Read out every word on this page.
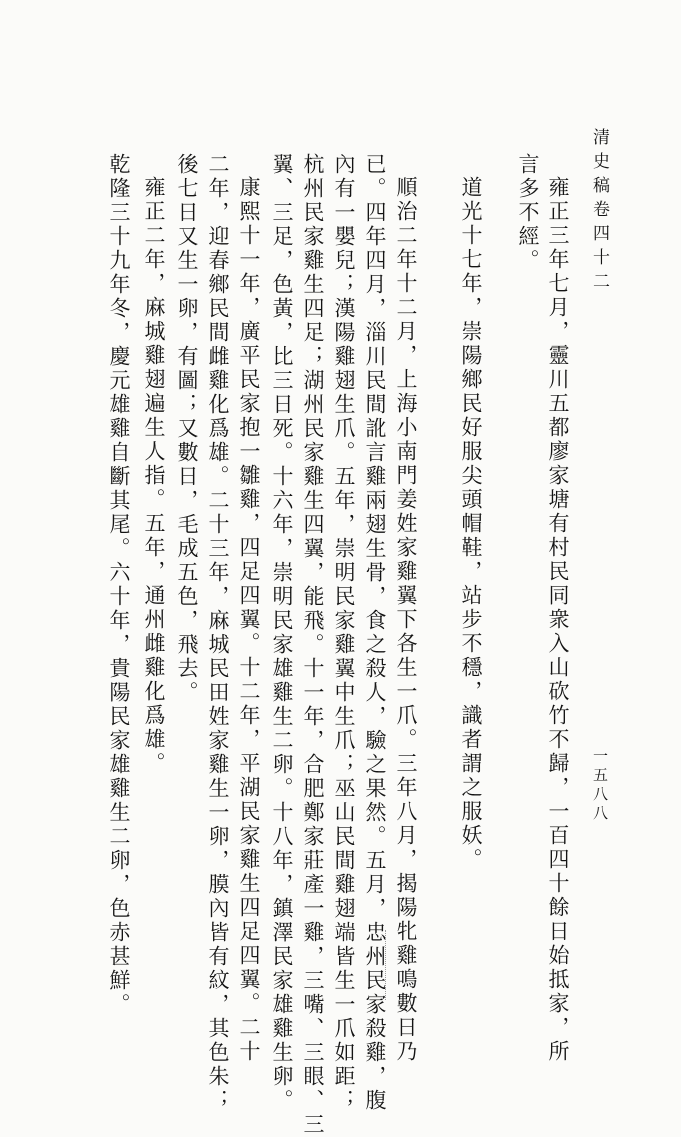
清史稿卷四十二
一五八八
雍正三年七月，靈川五都廖家塘有村民同衆入山砍竹不歸，一百四十餘日始抵家，所
言多不經。
道光十七年，崇陽鄉民好服尖頭帽鞋，站步不穩，識者謂之服妖。
順治二年十二月，上海小南門姜姓家雞翼下各生一爪。三年八月，揭陽牝雞鳴數日乃
已。四年四月，淄川民間訛言雞兩翅生骨，食之殺人，驗之果然。五月，忠州民家殺雞，腹
內有一嬰兒；漢陽雞翅生爪。五年，崇明民家雞翼中生爪；巫山民間雞翅端皆生一爪如距；
杭州民家雞生四足；湖州民家雞生四翼，能飛。十一年，合肥鄭家莊產一雞，三嘴、三眼、三
翼、三足，色黃，比三日死。十六年，崇明民家雄雞生二卵。十八年，鎮澤民家雄雞生卵。
康熙十一年，廣平民家抱一雛雞，四足四翼。十二年，平湖民家雞生四足四翼。二十
二年，迎春鄉民間雌雞化爲雄。二十三年，麻城民田姓家雞生一卵，膜內皆有紋，其色朱；
後七日又生一卵，有圖；又數日，毛成五色，飛去。
雍正二年，麻城雞翅遍生人指。五年，通州雌雞化爲雄。
乾隆三十九年冬，慶元雄雞自斷其尾。六十年，貴陽民家雄雞生二卵，色赤甚鮮。
